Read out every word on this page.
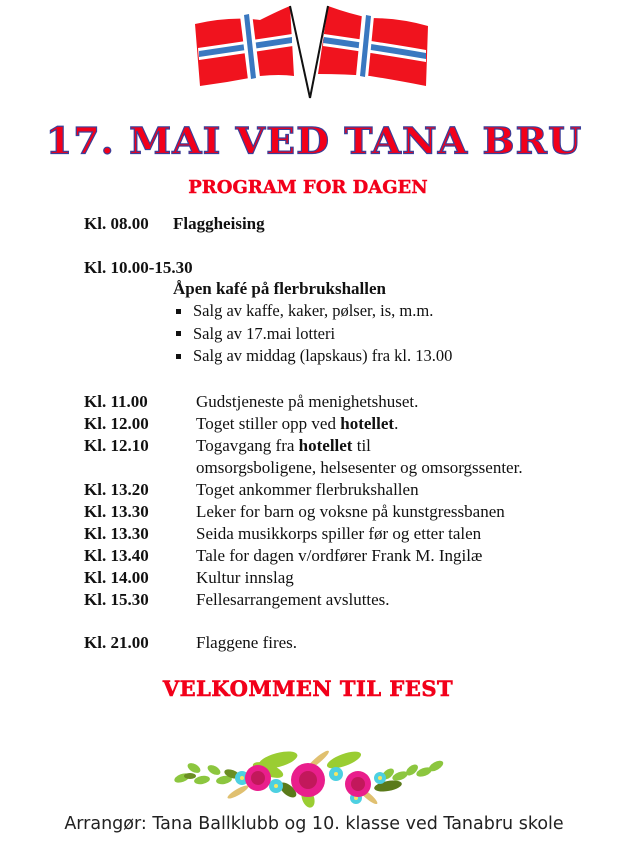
17. MAI VED TANA BRU
PROGRAM FOR DAGEN
Kl. 08.00 Flaggheising
Kl. 10.00-15.30
Åpen kafé på flerbrukshallen
Salg av kaffe, kaker, pølser, is, m.m.
Salg av 17.mai lotteri
Salg av middag (lapskaus) fra kl. 13.00
Kl. 11.00	Gudstjeneste på menighetshuset.
Kl. 12.00	Toget stiller opp ved hotellet.
Kl. 12.10	Togavgang fra hotellet til
omsorgsboligene, helsesenter og omsorgssenter.
Kl. 13.20	Toget ankommer flerbrukshallen
Kl. 13.30	Leker for barn og voksne på kunstgressbanen
Kl. 13.30	Seida musikkorps spiller før og etter talen
Kl. 13.40	Tale for dagen v/ordfører Frank M. Ingilæ
Kl. 14.00	Kultur innslag
Kl. 15.30	Fellesarrangement avsluttes.
Kl. 21.00	Flaggene fires.
VELKOMMEN TIL FEST
Arrangør: Tana Ballklubb og 10. klasse ved Tanabru skole
